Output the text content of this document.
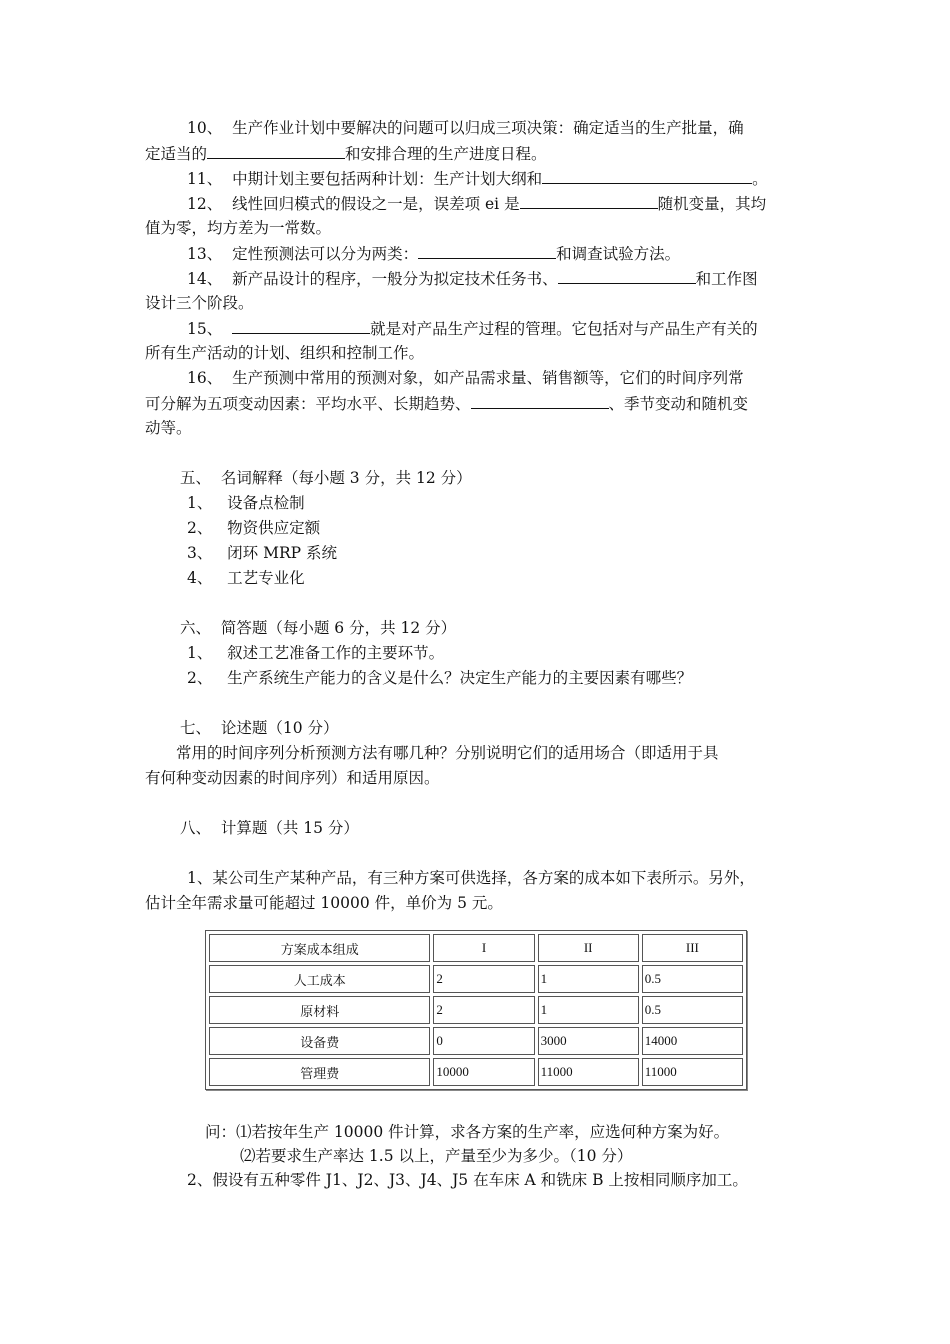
10、  生产作业计划中要解决的问题可以归成三项决策：确定适当的生产批量，确
定适当的	和安排合理的生产进度日程。
11、  中期计划主要包括两种计划：生产计划大纲和	。
12、  线性回归模式的假设之一是，误差项 ei 是	随机变量，其均
值为零，均方差为一常数。
13、  定性预测法可以分为两类：	和调查试验方法。
14、  新产品设计的程序，一般分为拟定技术任务书、	和工作图
设计三个阶段。
15、	就是对产品生产过程的管理。它包括对与产品生产有关的
所有生产活动的计划、组织和控制工作。
16、  生产预测中常用的预测对象，如产品需求量、销售额等，它们的时间序列常
可分解为五项变动因素：平均水平、长期趋势、	、季节变动和随机变
动等。
五、  名词解释（每小题 3 分，共 12 分）
1、   设备点检制
2、   物资供应定额
3、   闭环 MRP 系统
4、   工艺专业化
六、  简答题（每小题 6 分，共 12 分）
1、   叙述工艺准备工作的主要环节。
2、   生产系统生产能力的含义是什么？决定生产能力的主要因素有哪些？
七、  论述题（10 分）
常用的时间序列分析预测方法有哪几种？分别说明它们的适用场合（即适用于具
有何种变动因素的时间序列）和适用原因。
八、  计算题（共 15 分）
1、某公司生产某种产品，有三种方案可供选择，各方案的成本如下表所示。另外，
估计全年需求量可能超过 10000 件，单价为 5 元。
方案成本组成	I	II	III
人工成本	2	1	0.5
原材料	2	1	0.5
设备费	0	3000	14000
管理费	10000	11000	11000
问：⑴若按年生产 10000 件计算，求各方案的生产率，应选何种方案为好。
⑵若要求生产率达 1.5 以上，产量至少为多少。（10 分）
2、假设有五种零件 J1、J2、J3、J4、J5 在车床 A 和铣床 B 上按相同顺序加工。
